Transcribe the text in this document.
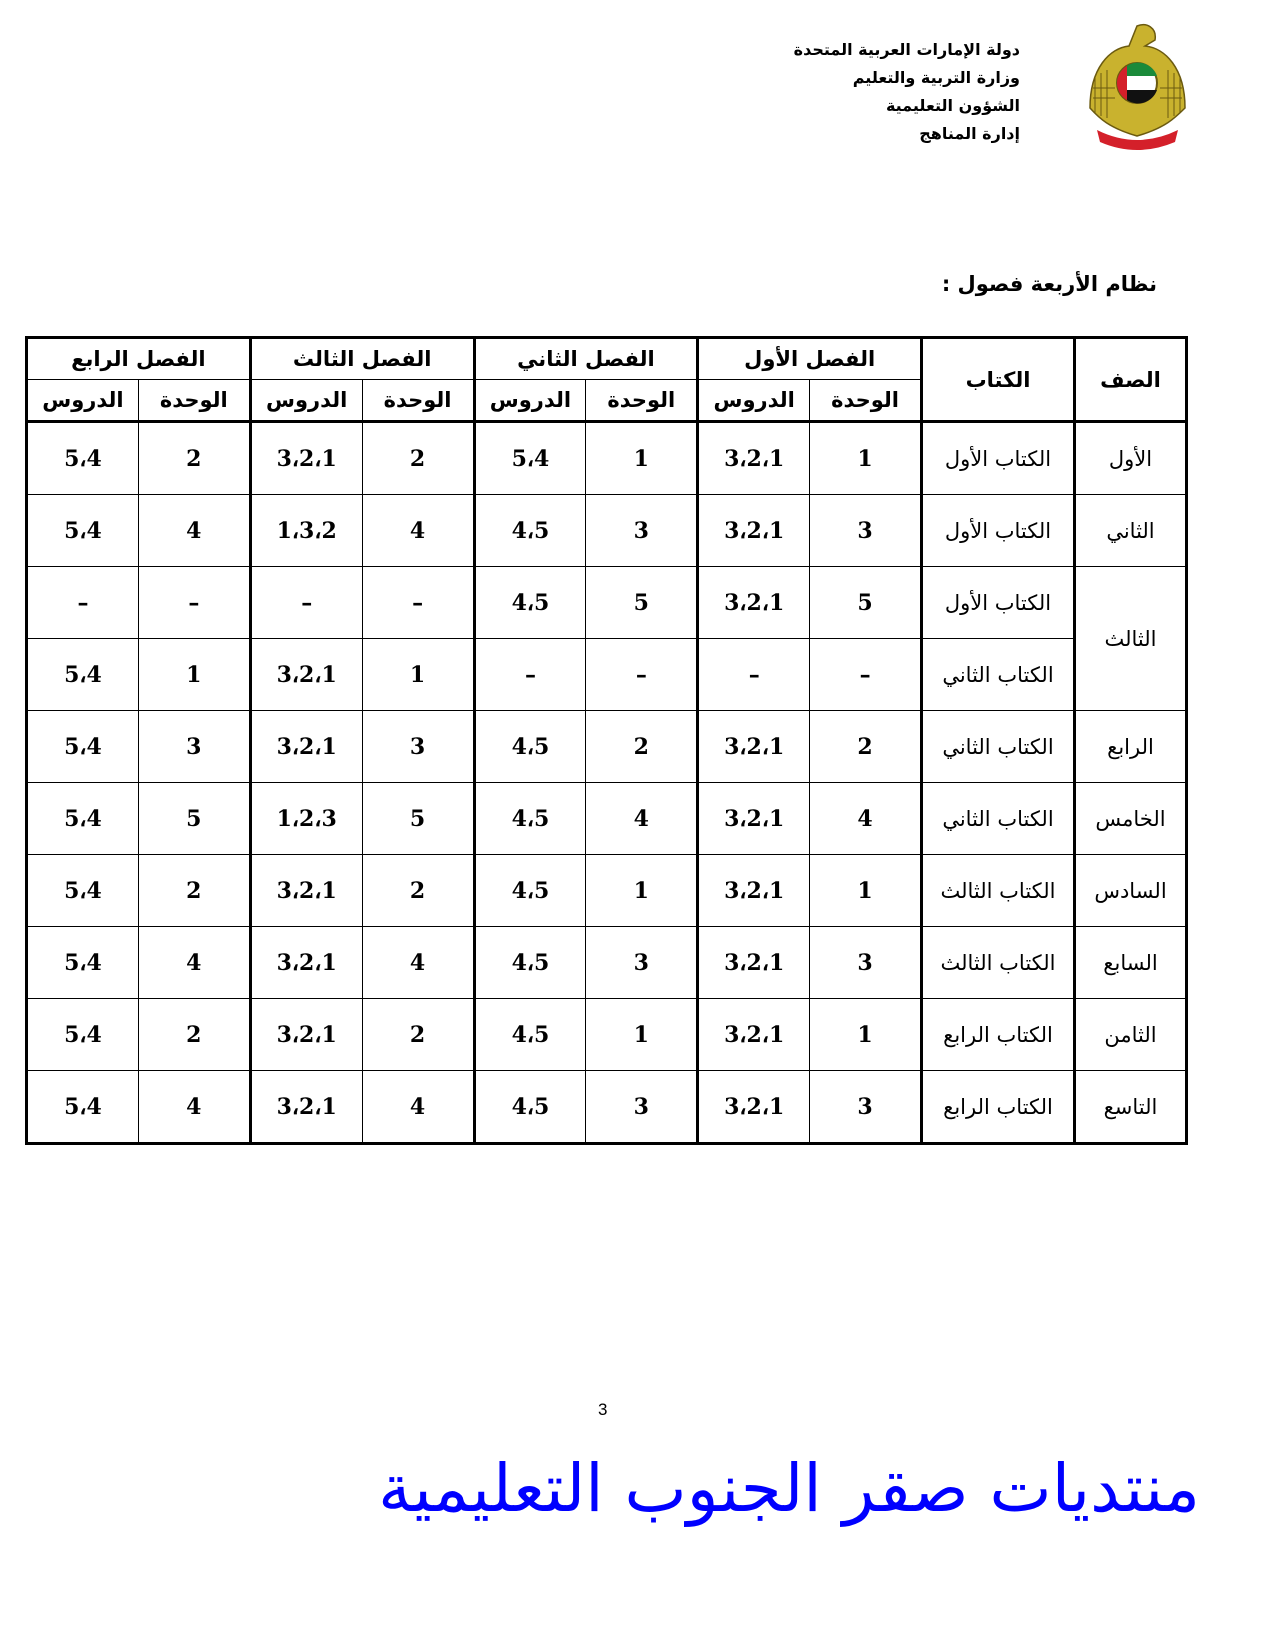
دولة الإمارات العربية المتحدة
وزارة التربية والتعليم
الشؤون التعليمية
إدارة المناهج
نظام الأربعة فصول :
الصف	الكتاب	الفصل الأول		الفصل الثاني		الفصل الثالث		الفصل الرابع	
		الوحدة	الدروس	الوحدة	الدروس	الوحدة	الدروس	الوحدة	الدروس
الأول	الكتاب الأول	1	3،2،1	1	5،4	2	3،2،1	2	5،4
الثاني	الكتاب الأول	3	3،2،1	3	4،5	4	1،3،2	4	5،4
الثالث	الكتاب الأول	5	3،2،1	5	4،5	–	–	–	–
	الكتاب الثاني	–	–	–	–	1	3،2،1	1	5،4
الرابع	الكتاب الثاني	2	3،2،1	2	4،5	3	3،2،1	3	5،4
الخامس	الكتاب الثاني	4	3،2،1	4	4،5	5	1،2،3	5	5،4
السادس	الكتاب الثالث	1	3،2،1	1	4،5	2	3،2،1	2	5،4
السابع	الكتاب الثالث	3	3،2،1	3	4،5	4	3،2،1	4	5،4
الثامن	الكتاب الرابع	1	3،2،1	1	4،5	2	3،2،1	2	5،4
التاسع	الكتاب الرابع	3	3،2،1	3	4،5	4	3،2،1	4	5،4
3
منتديات صقر الجنوب التعليمية
